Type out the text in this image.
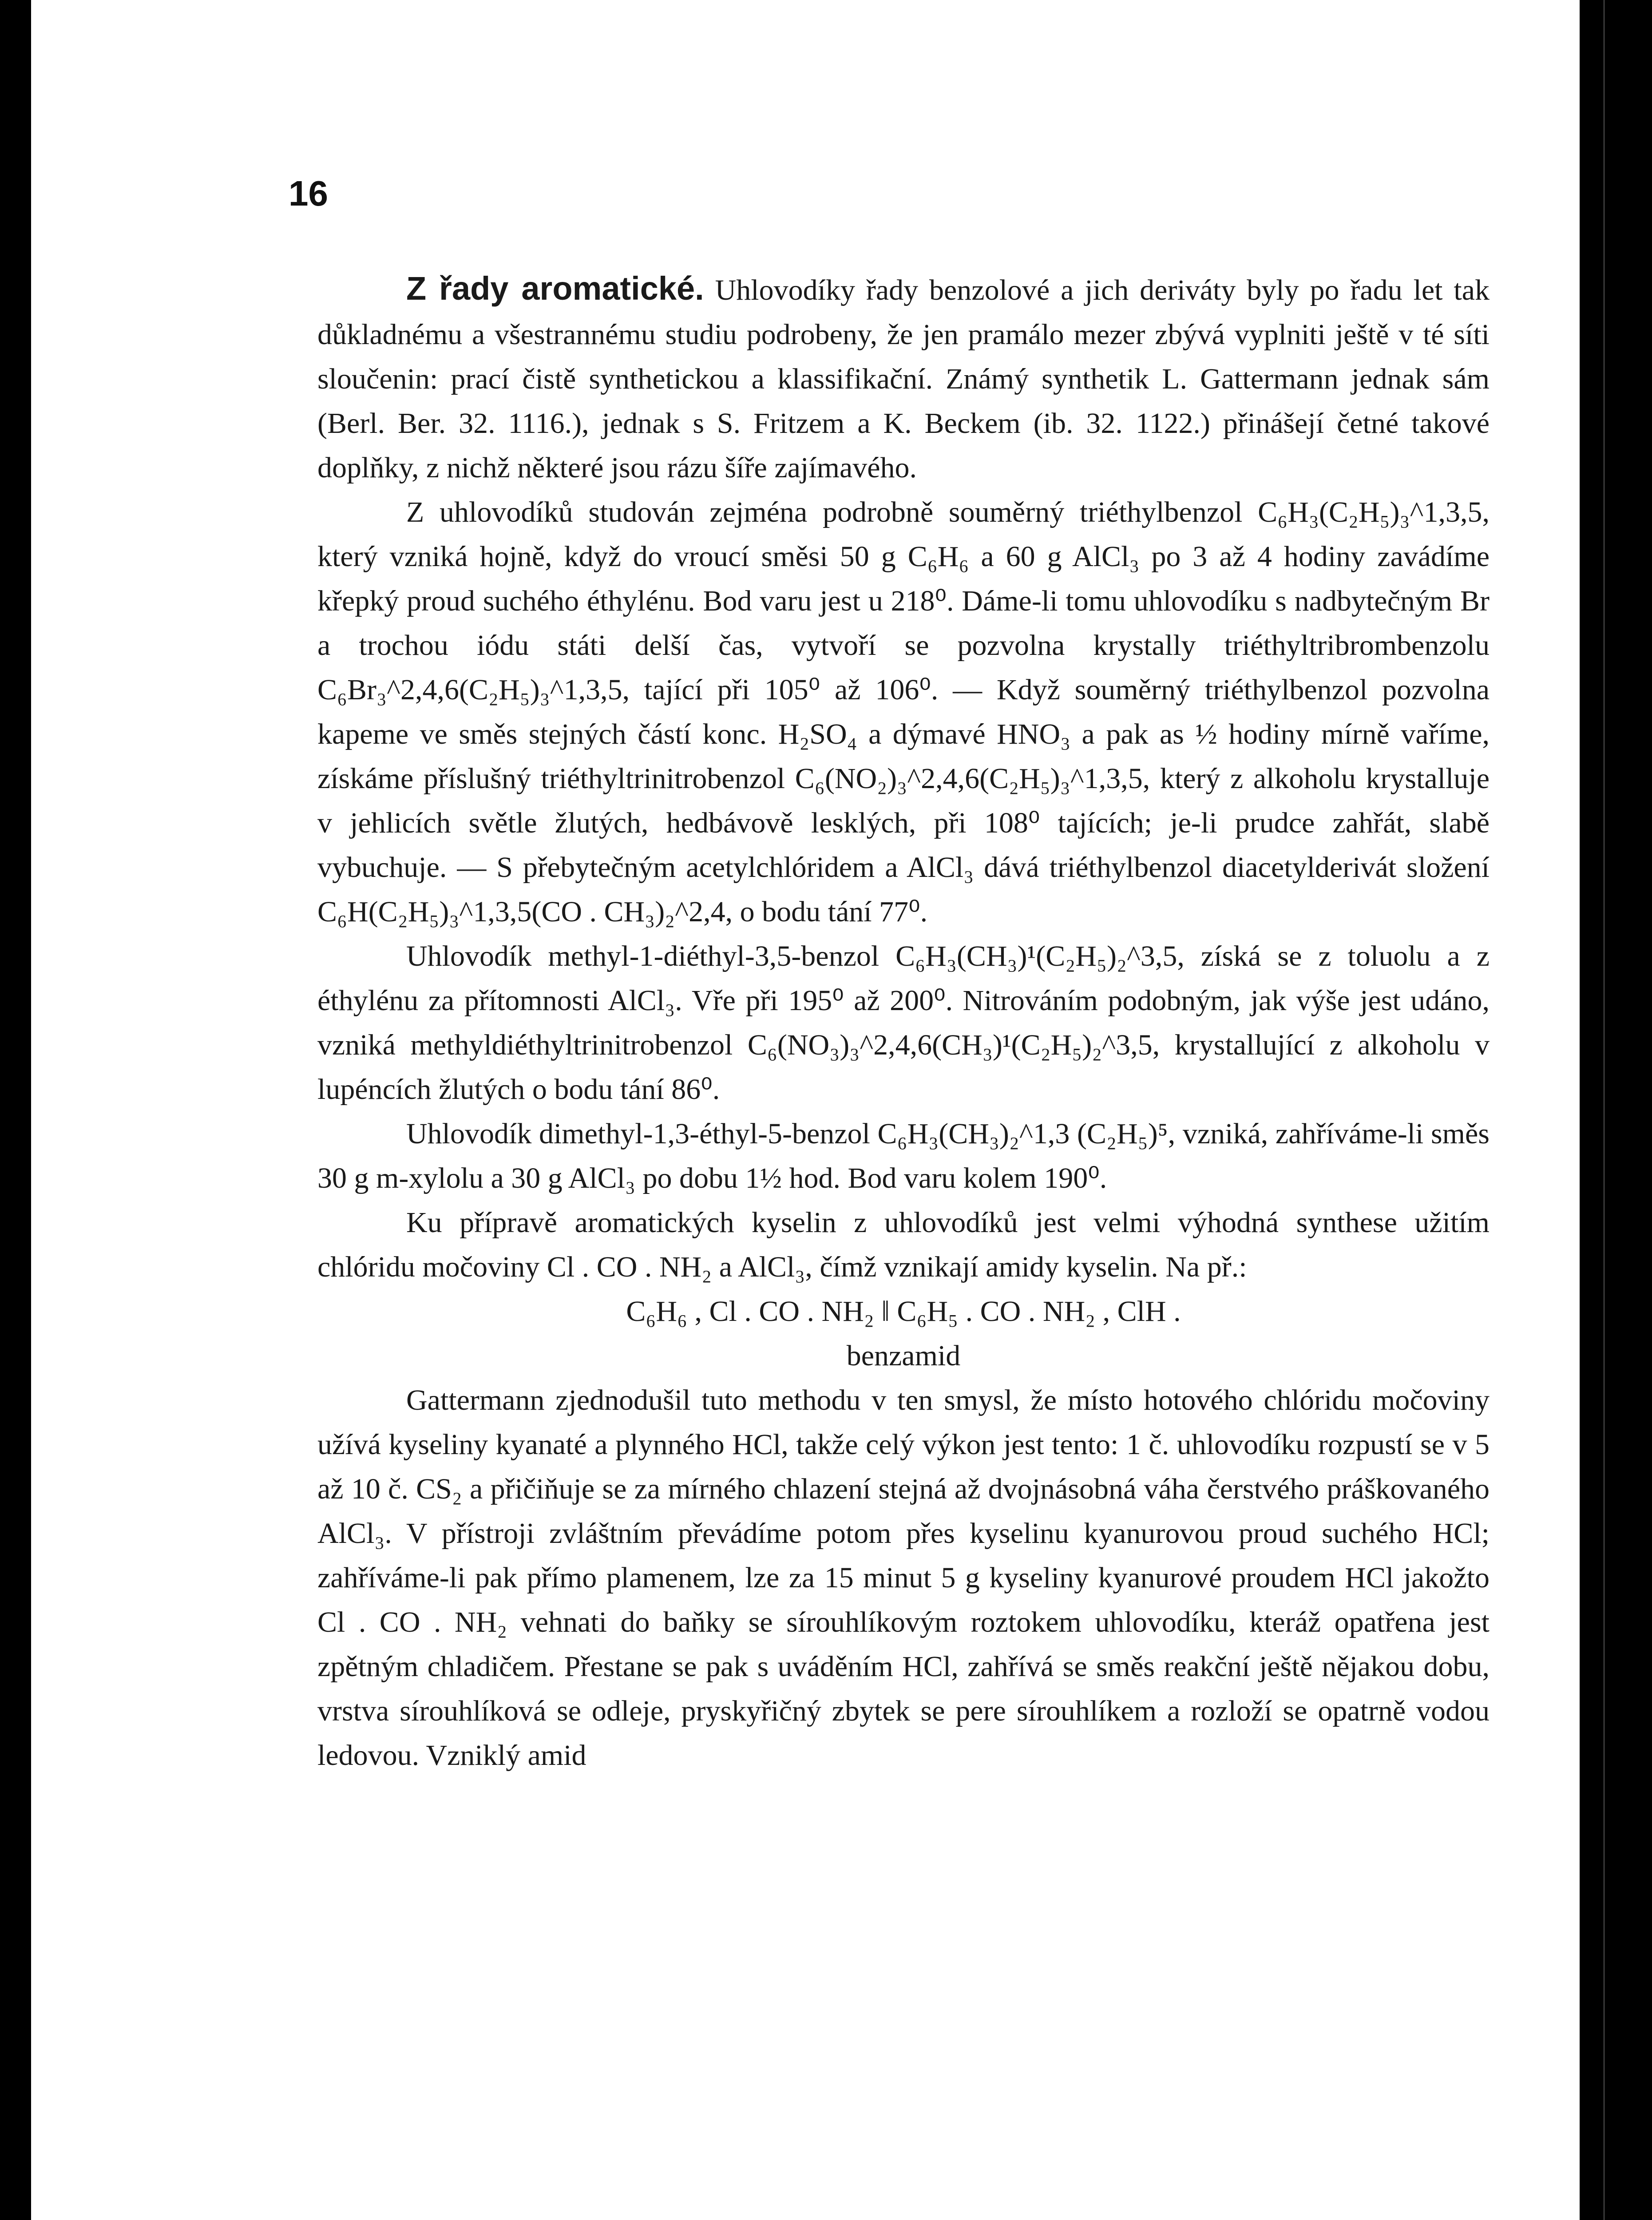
16

Z řady aromatické. Uhlovodíky řady benzolové a jich deriváty byly po řadu let tak důkladnému a všestrannému studiu podrobeny, že jen pramálo mezer zbývá vyplniti ještě v té síti sloučenin: prací čistě synthetickou a klassifikační. Známý synthetik L. Gattermann jednak sám (Berl. Ber. 32. 1116.), jednak s S. Fritzem a K. Beckem (ib. 32. 1122.) přinášejí četné takové doplňky, z nichž některé jsou rázu šíře zajímavého.

Z uhlovodíků studován zejména podrobně souměrný triéthylbenzol C₆H₃(C₂H₅)₃^1,3,5, který vzniká hojně, když do vroucí směsi 50 g C₆H₆ a 60 g AlCl₃ po 3 až 4 hodiny zavádíme křepký proud suchého éthylénu. Bod varu jest u 218⁰. Dáme-li tomu uhlovodíku s nadbytečným Br a trochou iódu státi delší čas, vytvoří se pozvolna krystally triéthyltribrombenzolu C₆Br₃^2,4,6(C₂H₅)₃^1,3,5, tající při 105⁰ až 106⁰. — Když souměrný triéthylbenzol pozvolna kapeme ve směs stejných částí konc. H₂SO₄ a dýmavé HNO₃ a pak as ½ hodiny mírně vaříme, získáme příslušný triéthyltrinitrobenzol C₆(NO₂)₃^2,4,6(C₂H₅)₃^1,3,5, který z alkoholu krystalluje v jehlicích světle žlutých, hedbávově lesklých, při 108⁰ tajících; je-li prudce zahřát, slabě vybuchuje. — S přebytečným acetylchlóridem a AlCl₃ dává triéthylbenzol diacetylderivát složení C₆H(C₂H₅)₃^1,3,5(CO . CH₃)₂^2,4, o bodu tání 77⁰.

Uhlovodík methyl-1-diéthyl-3,5-benzol C₆H₃(CH₃)¹(C₂H₅)₂^3,5, získá se z toluolu a z éthylénu za přítomnosti AlCl₃. Vře při 195⁰ až 200⁰. Nitrováním podobným, jak výše jest udáno, vzniká methyldiéthyltrinitrobenzol C₆(NO₃)₃^2,4,6(CH₃)¹(C₂H₅)₂^3,5, krystallující z alkoholu v lupéncích žlutých o bodu tání 86⁰.

Uhlovodík dimethyl-1,3-éthyl-5-benzol C₆H₃(CH₃)₂^1,3 (C₂H₅)⁵, vzniká, zahříváme-li směs 30 g m-xylolu a 30 g AlCl₃ po dobu 1½ hod. Bod varu kolem 190⁰.

Ku přípravě aromatických kyselin z uhlovodíků jest velmi výhodná synthese užitím chlóridu močoviny Cl . CO . NH₂ a AlCl₃, čímž vznikají amidy kyselin. Na př.:

C₆H₆ , Cl . CO . NH₂ ‖ C₆H₅ . CO . NH₂ , ClH .

benzamid

Gattermann zjednodušil tuto methodu v ten smysl, že místo hotového chlóridu močoviny užívá kyseliny kyanaté a plynného HCl, takže celý výkon jest tento: 1 č. uhlovodíku rozpustí se v 5 až 10 č. CS₂ a přičiňuje se za mírného chlazení stejná až dvojnásobná váha čerstvého práškovaného AlCl₃. V přístroji zvláštním převádíme potom přes kyselinu kyanurovou proud suchého HCl; zahříváme-li pak přímo plamenem, lze za 15 minut 5 g kyseliny kyanurové proudem HCl jakožto Cl . CO . NH₂ vehnati do baňky se sírouhlíkovým roztokem uhlovodíku, kteráž opatřena jest zpětným chladičem. Přestane se pak s uváděním HCl, zahřívá se směs reakční ještě nějakou dobu, vrstva sírouhlíková se odleje, pryskyřičný zbytek se pere sírouhlíkem a rozloží se opatrně vodou ledovou. Vzniklý amid
